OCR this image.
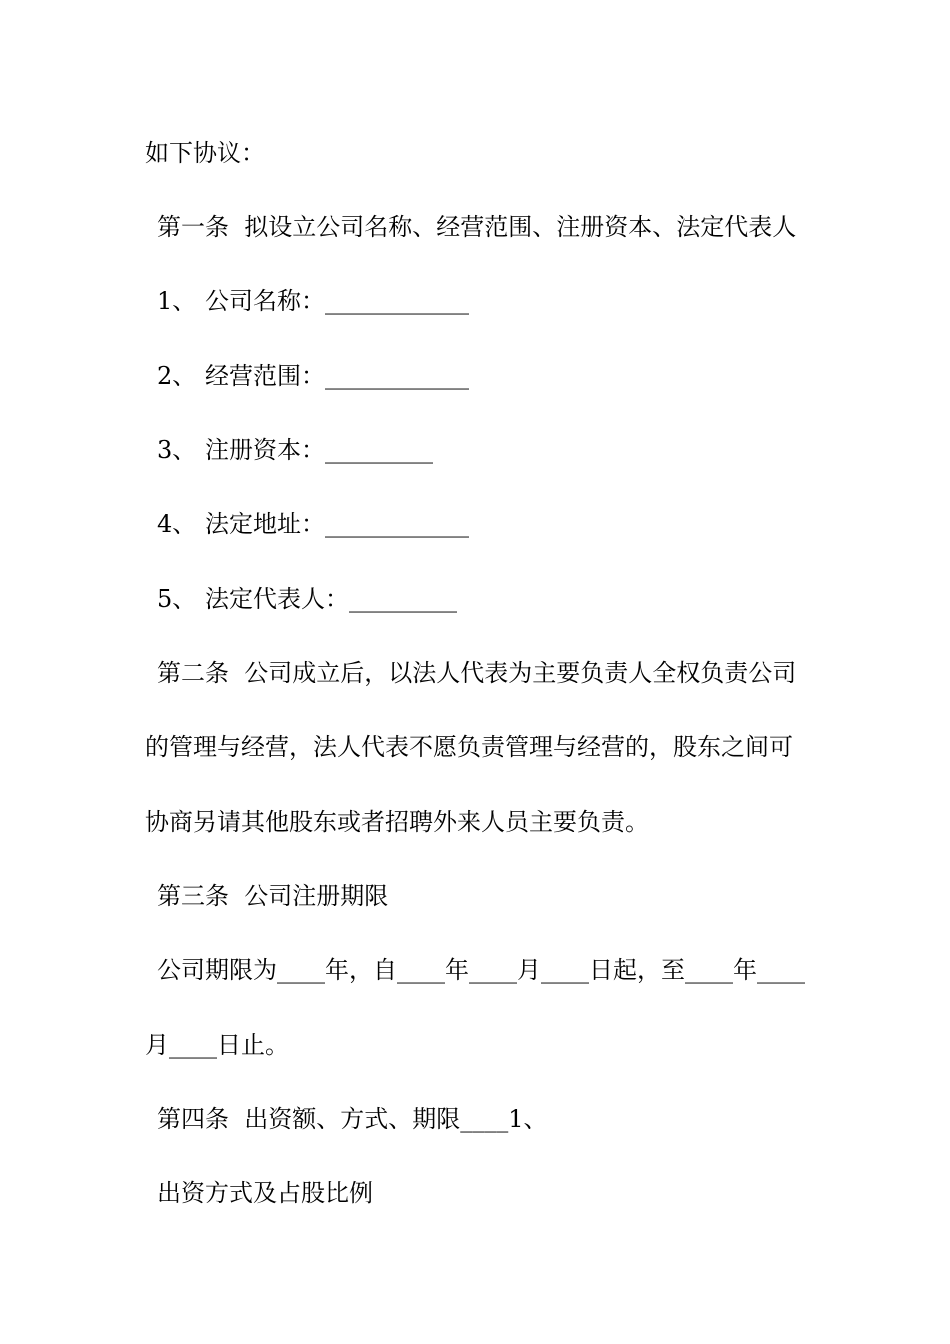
如下协议：
第一条  拟设立公司名称、经营范围、注册资本、法定代表人
1、 公司名称：____________
2、 经营范围：____________
3、 注册资本：_________
4、 法定地址：____________
5、 法定代表人：_________
第二条  公司成立后，以法人代表为主要负责人全权负责公司
的管理与经营，法人代表不愿负责管理与经营的，股东之间可
协商另请其他股东或者招聘外来人员主要负责。
第三条  公司注册期限
公司期限为____年，自____年____月____日起，至____年____
月____日止。
第四条  出资额、方式、期限____1、
出资方式及占股比例
